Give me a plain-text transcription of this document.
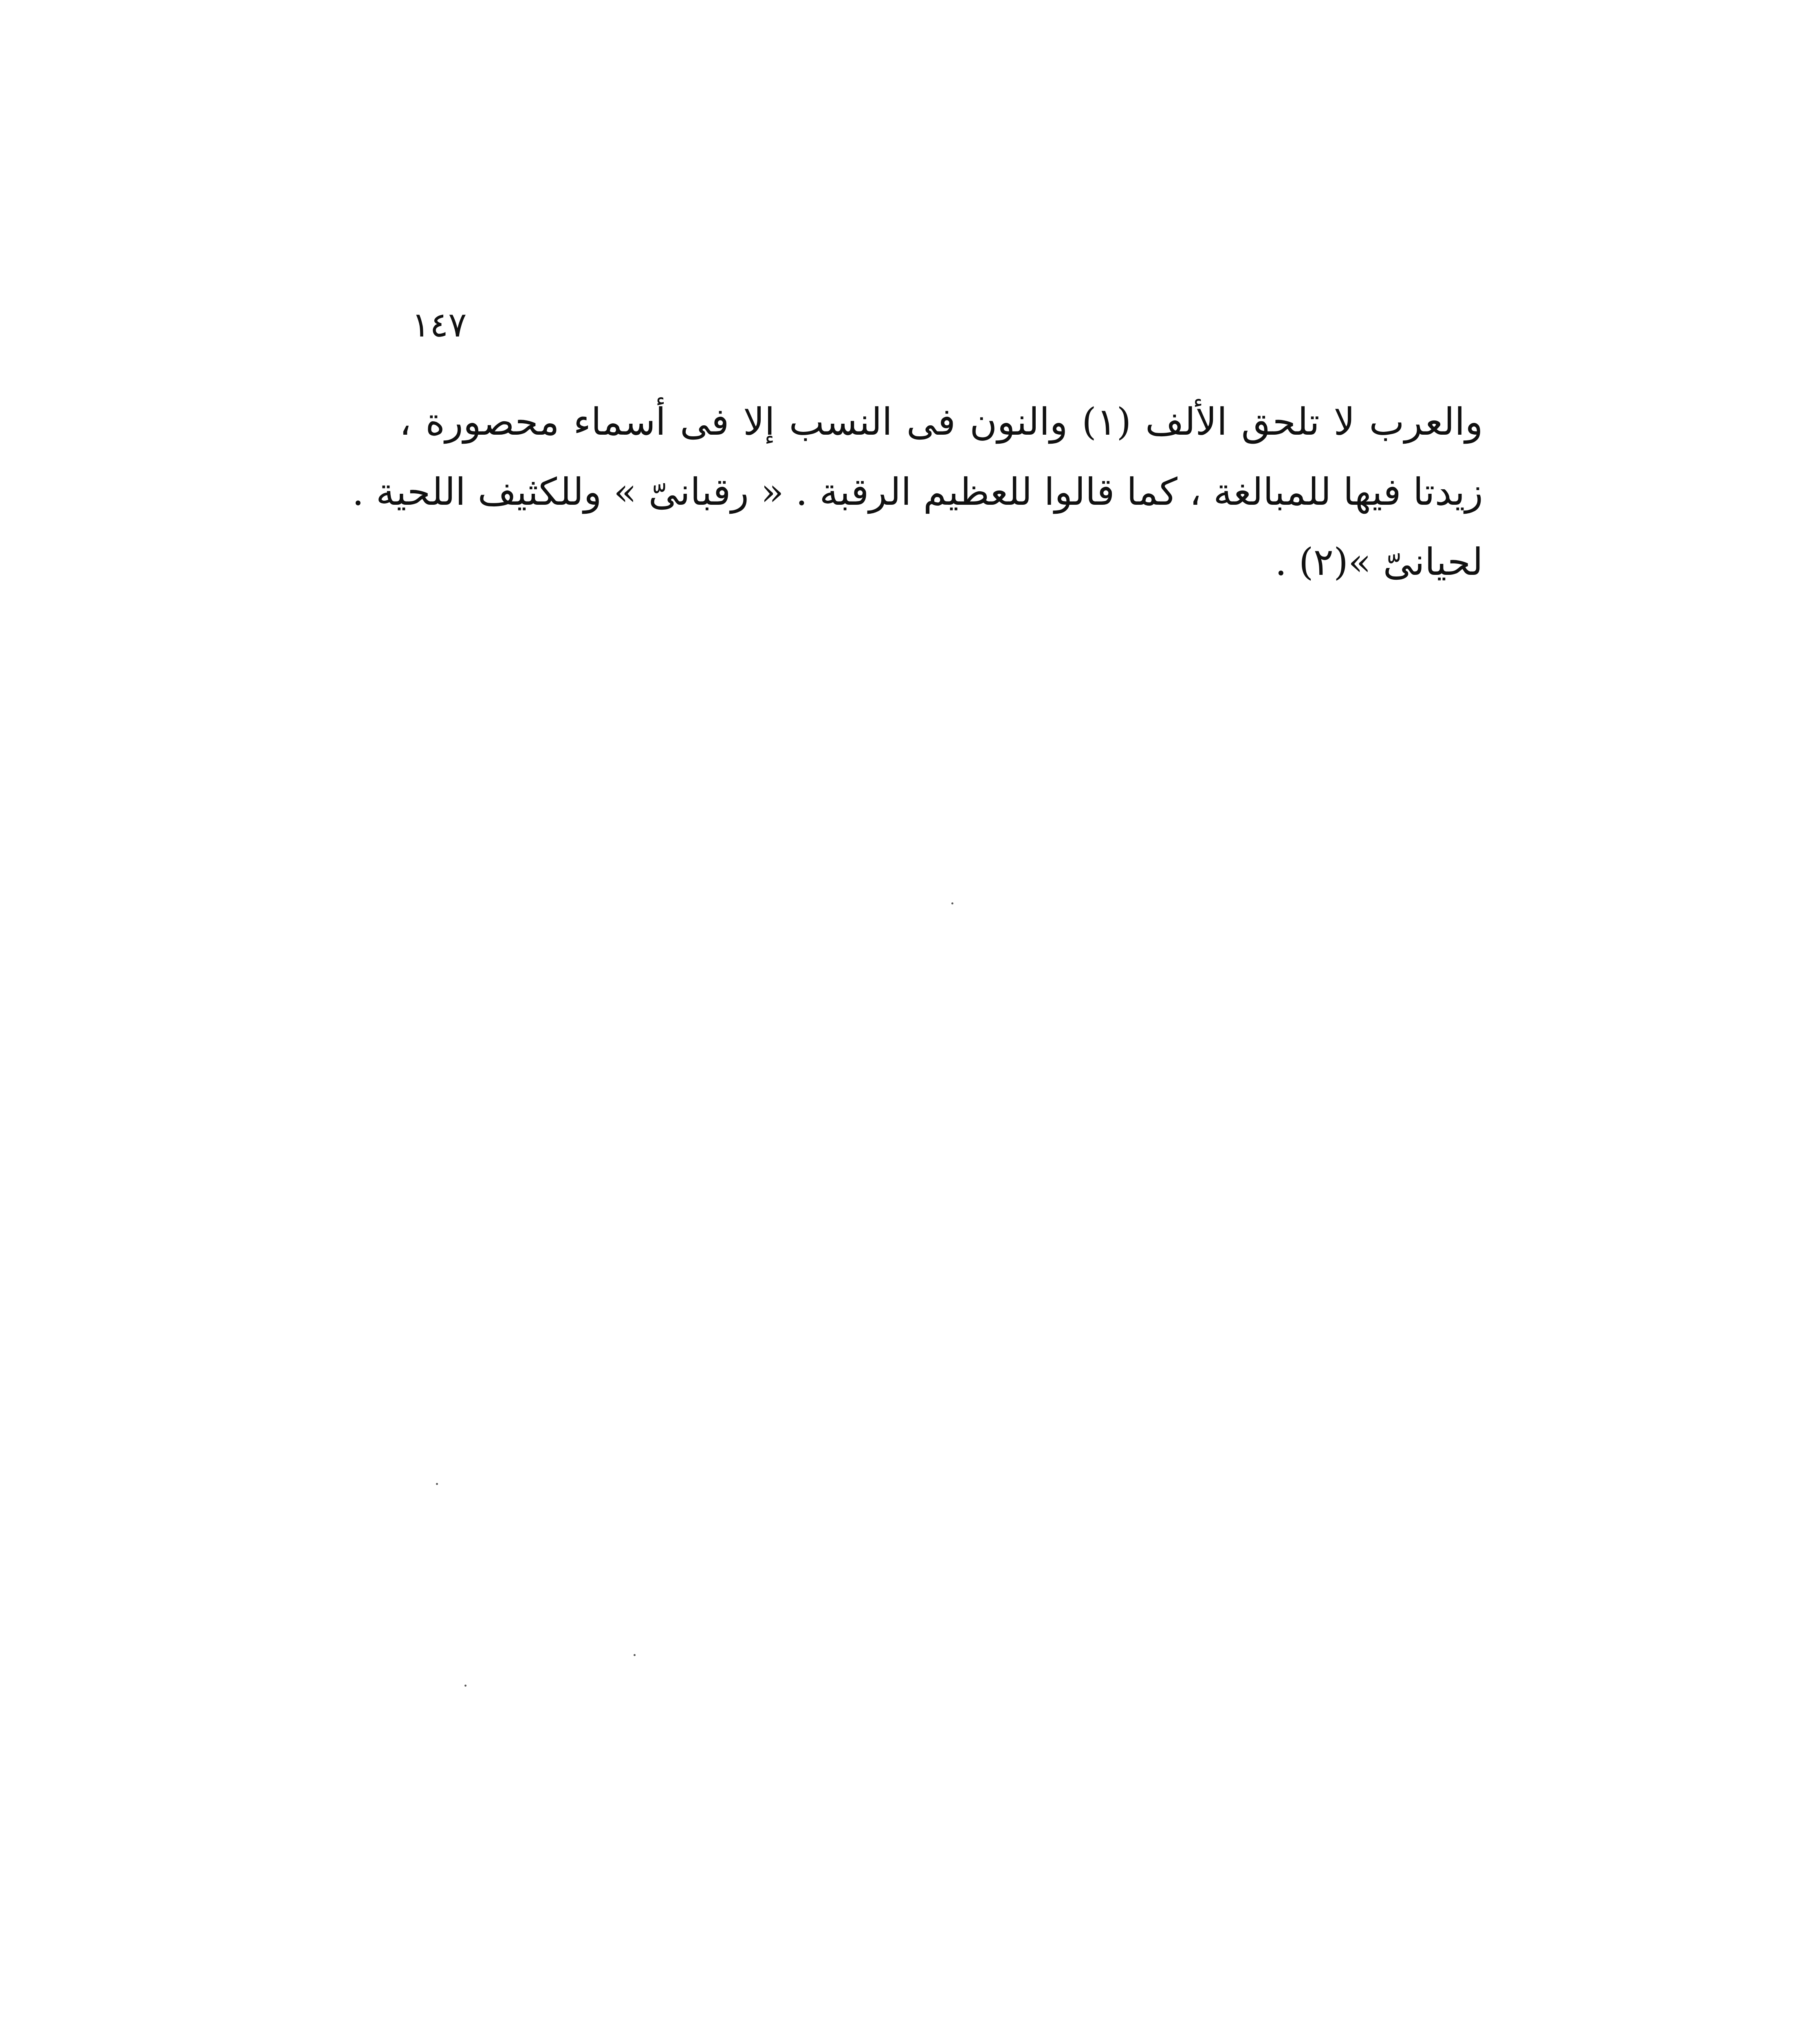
١٤٧
والعرب لا تلحق الألف (١) والنون فى النسب إلا فى أسماء محصورة ،
زيدتا فيها للمبالغة ، كما قالوا للعظيم الرقبة . « رقبانىّ » وللكثيف اللحية .
لحيانىّ »(٢) .
